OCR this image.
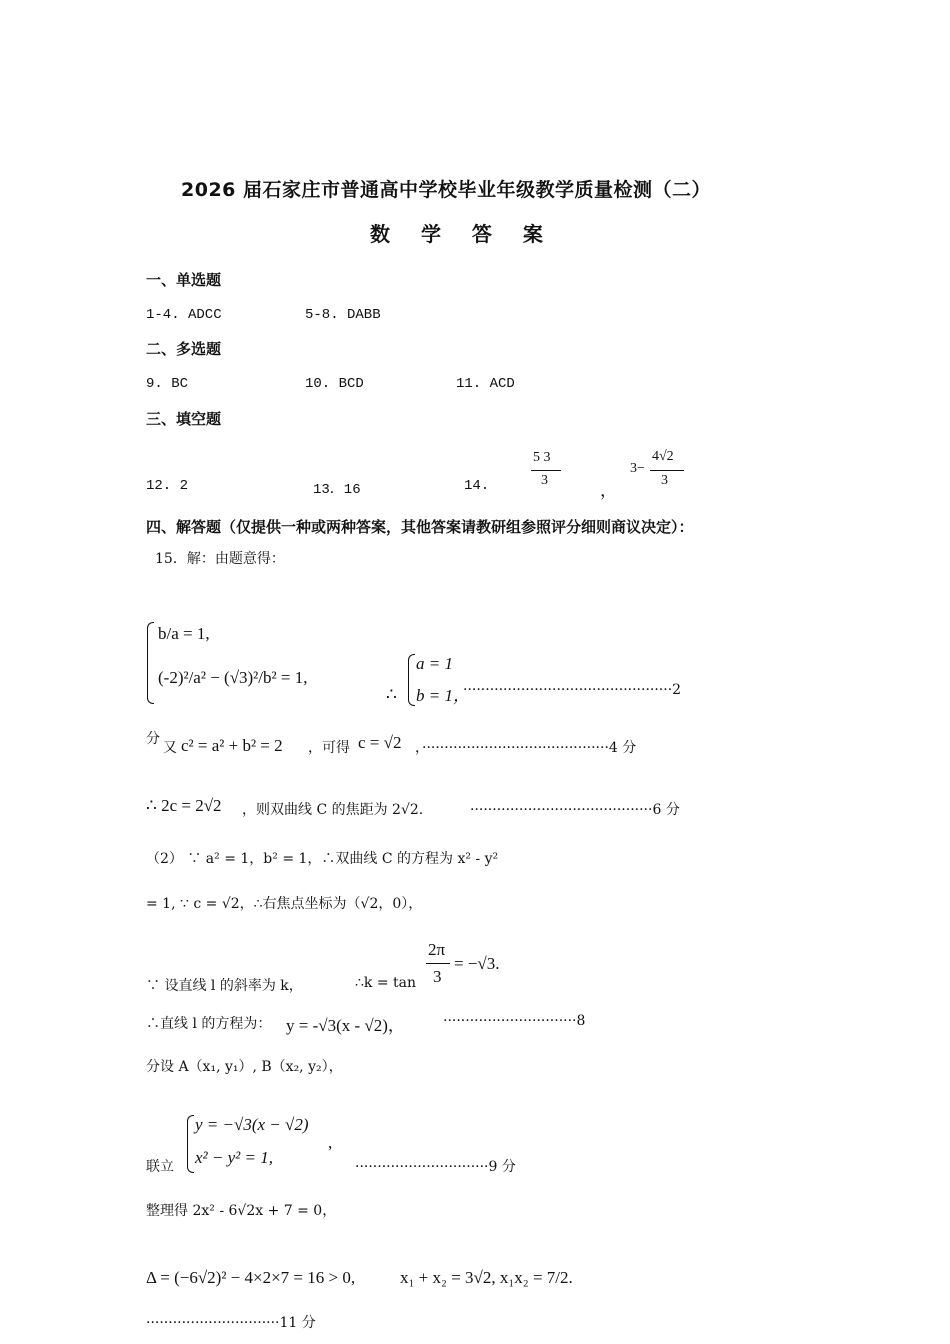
2026 届石家庄市普通高中学校毕业年级教学质量检测（二）
数 学 答 案
一、单选题
1-4. ADCC	5-8. DABB
二、多选题
9. BC	10. BCD	11. ACD
三、填空题
12. 2	13．16	14.
5 3
3
，
3−
4√2
3
四、解答题（仅提供一种或两种答案，其他答案请教研组参照评分细则商议决定）：
15．解：由题意得：
b/a = 1,
(-2)²/a² − (√3)²/b² = 1,
∴
a = 1
b = 1，
···············································2
分
又 c² = a² + b² = 2 ，可得 c = √2 ，··········································4 分
∴ 2c = 2√2 ，则双曲线 C 的焦距为 2√2.	·········································6 分
（2） ∵ a² = 1，b² = 1，∴双曲线 C 的方程为 x² - y²
= 1, ∵ c = √2，∴右焦点坐标为（√2，0），
∵ 设直线 l 的斜率为 k，	∴k = tan
2π
3
= −√3.
∴直线 l 的方程为： y = -√3(x - √2)，	······························8
分设 A（x₁, y₁）, B（x₂, y₂），
y = −√3(x − √2)
x² − y² = 1,
,
联立	······························9 分
整理得 2x² - 6√2x + 7 = 0，
Δ = (−6√2)² − 4×2×7 = 16 > 0,	x₁ + x₂ = 3√2, x₁x₂ = 7/2.
······························11 分
